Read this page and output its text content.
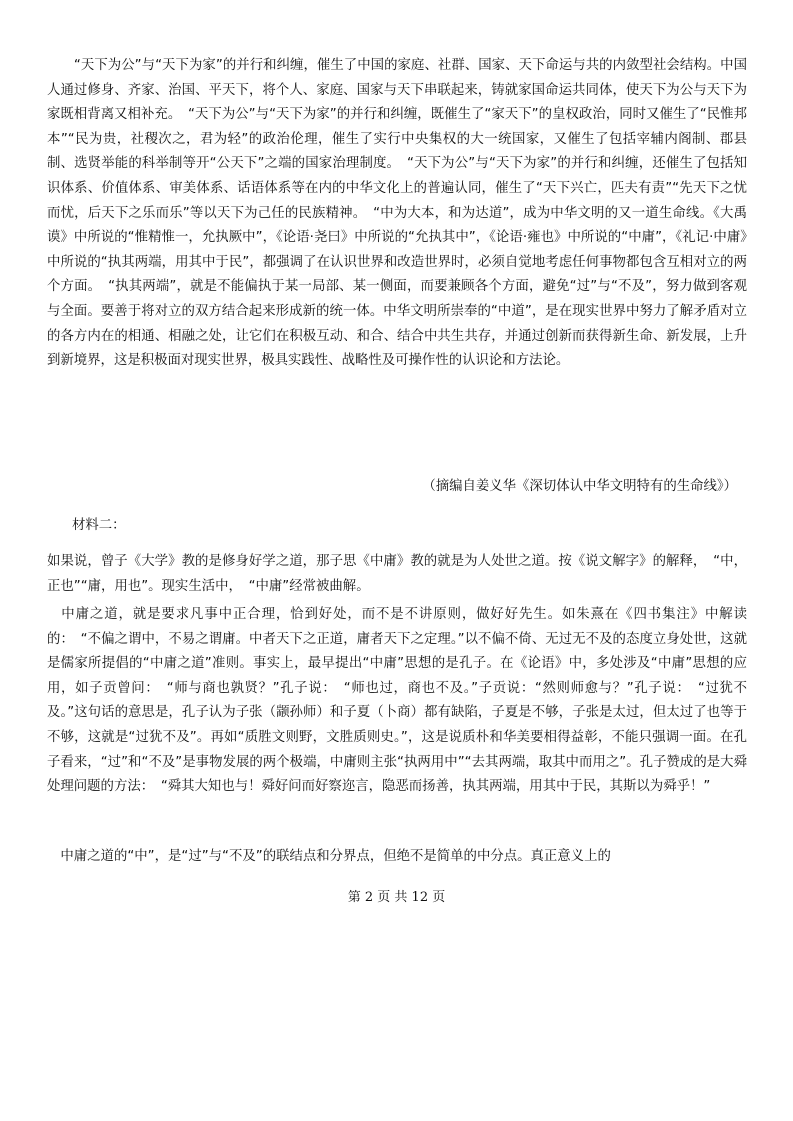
　　“天下为公”与“天下为家”的并行和纠缠，催生了中国的家庭、社群、国家、天下命运与共的内敛型社会结构。中国人通过修身、齐家、治国、平天下，将个人、家庭、国家与天下串联起来，铸就家国命运共同体，使天下为公与天下为家既相背离又相补充。　“天下为公”与“天下为家”的并行和纠缠，既催生了“家天下”的皇权政治，同时又催生了“民惟邦本”“民为贵，社稷次之，君为轻”的政治伦理，催生了实行中央集权的大一统国家，又催生了包括宰辅内阁制、郡县制、选贤举能的科举制等开“公天下”之端的国家治理制度。　“天下为公”与“天下为家”的并行和纠缠，还催生了包括知识体系、价值体系、审美体系、话语体系等在内的中华文化上的普遍认同，催生了“天下兴亡，匹夫有责”“先天下之忧而忧，后天下之乐而乐”等以天下为己任的民族精神。　“中为大本，和为达道”，成为中华文明的又一道生命线。《大禹谟》中所说的“惟精惟一，允执厥中”，《论语·尧曰》中所说的“允执其中”，《论语·雍也》中所说的“中庸”，《礼记·中庸》中所说的“执其两端，用其中于民”，都强调了在认识世界和改造世界时，必须自觉地考虑任何事物都包含互相对立的两个方面。　“执其两端”，就是不能偏执于某一局部、某一侧面，而要兼顾各个方面，避免“过”与“不及”，努力做到客观与全面。要善于将对立的双方结合起来形成新的统一体。中华文明所崇奉的“中道”，是在现实世界中努力了解矛盾对立的各方内在的相通、相融之处，让它们在积极互动、和合、结合中共生共存，并通过创新而获得新生命、新发展，上升到新境界，这是积极面对现实世界，极具实践性、战略性及可操作性的认识论和方法论。

（摘编自姜义华《深切体认中华文明特有的生命线》）

材料二：

如果说，曾子《大学》教的是修身好学之道，那子思《中庸》教的就是为人处世之道。按《说文解字》的解释，　“中，正也”“庸，用也”。现实生活中，　“中庸”经常被曲解。

　中庸之道，就是要求凡事中正合理，恰到好处，而不是不讲原则，做好好先生。如朱熹在《四书集注》中解读的：　“不偏之谓中，不易之谓庸。中者天下之正道，庸者天下之定理。”以不偏不倚、无过无不及的态度立身处世，这就是儒家所提倡的“中庸之道”准则。事实上，最早提出“中庸”思想的是孔子。在《论语》中，多处涉及“中庸”思想的应用，如子贡曾问：　“师与商也孰贤？”孔子说：　“师也过，商也不及。”子贡说：“然则师愈与？”孔子说：　“过犹不及。”这句话的意思是，孔子认为子张（颛孙师）和子夏（卜商）都有缺陷，子夏是不够，子张是太过，但太过了也等于不够，这就是“过犹不及”。再如“质胜文则野，文胜质则史。”，这是说质朴和华美要相得益彰，不能只强调一面。在孔子看来，“过”和“不及”是事物发展的两个极端，中庸则主张“执两用中”“去其两端，取其中而用之”。孔子赞成的是大舜处理问题的方法：　“舜其大知也与！舜好问而好察迩言，隐恶而扬善，执其两端，用其中于民，其斯以为舜乎！”

　中庸之道的“中”，是“过”与“不及”的联结点和分界点，但绝不是简单的中分点。真正意义上的

第 2 页 共 12 页
